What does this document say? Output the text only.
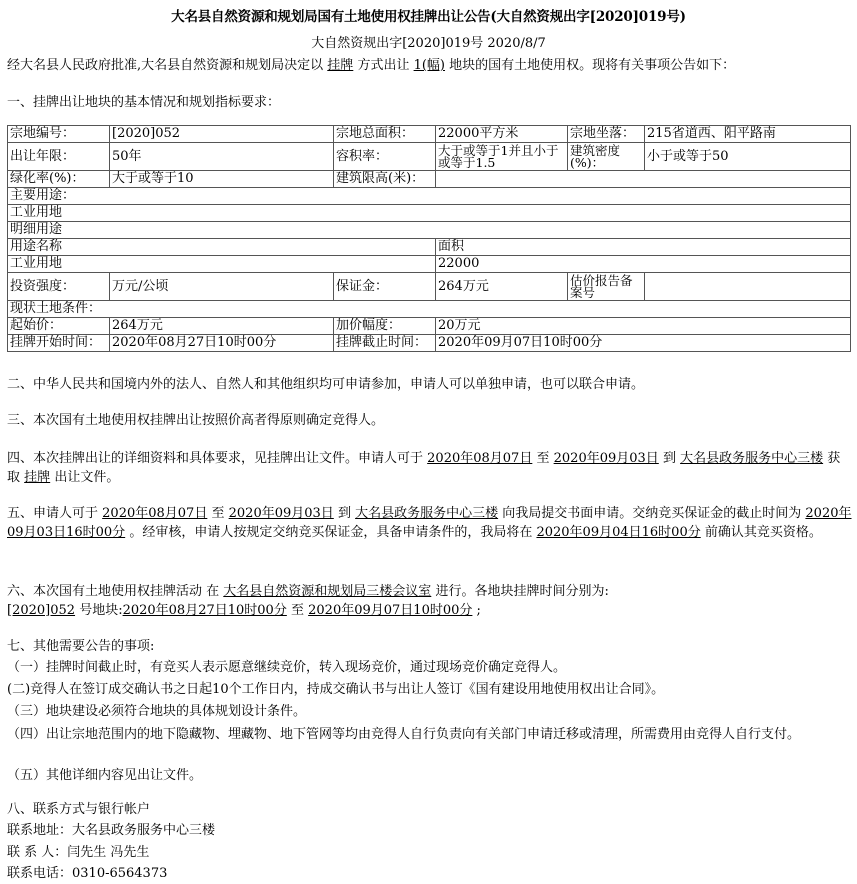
大名县自然资源和规划局国有土地使用权挂牌出让公告(大自然资规出字[2020]019号)
大自然资规出字[2020]019号 2020/8/7
经大名县人民政府批准,大名县自然资源和规划局决定以 挂牌 方式出让 1(幅) 地块的国有土地使用权。现将有关事项公告如下：
一、挂牌出让地块的基本情况和规划指标要求：
宗地编号：	[2020]052	宗地总面积：	22000平方米	宗地坐落：	215省道西、阳平路南
出让年限：	50年	容积率：	大于或等于1并且小于或等于1.5	建筑密度(%)：	小于或等于50
绿化率(%)：	大于或等于10	建筑限高(米)：			
主要用途：					
工业用地					
明细用途					
用途名称			面积		
工业用地			22000		
投资强度：	万元/公顷	保证金：	264万元	估价报告备案号	
现状土地条件：					
起始价：	264万元	加价幅度：	20万元		
挂牌开始时间：	2020年08月27日10时00分	挂牌截止时间：	2020年09月07日10时00分		
二、中华人民共和国境内外的法人、自然人和其他组织均可申请参加，申请人可以单独申请，也可以联合申请。
三、本次国有土地使用权挂牌出让按照价高者得原则确定竞得人。
四、本次挂牌出让的详细资料和具体要求，见挂牌出让文件。申请人可于 2020年08月07日 至 2020年09月03日 到 大名县政务服务中心三楼 获取 挂牌 出让文件。
五、申请人可于 2020年08月07日 至 2020年09月03日 到 大名县政务服务中心三楼 向我局提交书面申请。交纳竞买保证金的截止时间为 2020年09月03日16时00分 。经审核，申请人按规定交纳竞买保证金，具备申请条件的，我局将在 2020年09月04日16时00分 前确认其竞买资格。
六、本次国有土地使用权挂牌活动 在 大名县自然资源和规划局三楼会议室 进行。各地块挂牌时间分别为:
[2020]052 号地块:2020年08月27日10时00分 至 2020年09月07日10时00分 ;
七、其他需要公告的事项:
（一）挂牌时间截止时，有竞买人表示愿意继续竞价，转入现场竞价，通过现场竞价确定竞得人。
(二)竞得人在签订成交确认书之日起10个工作日内，持成交确认书与出让人签订《国有建设用地使用权出让合同》。
（三）地块建设必须符合地块的具体规划设计条件。
（四）出让宗地范围内的地下隐藏物、埋藏物、地下管网等均由竞得人自行负责向有关部门申请迁移或清理，所需费用由竞得人自行支付。
（五）其他详细内容见出让文件。
八、联系方式与银行帐户
联系地址：大名县政务服务中心三楼
联 系 人：闫先生 冯先生
联系电话：0310-6564373
